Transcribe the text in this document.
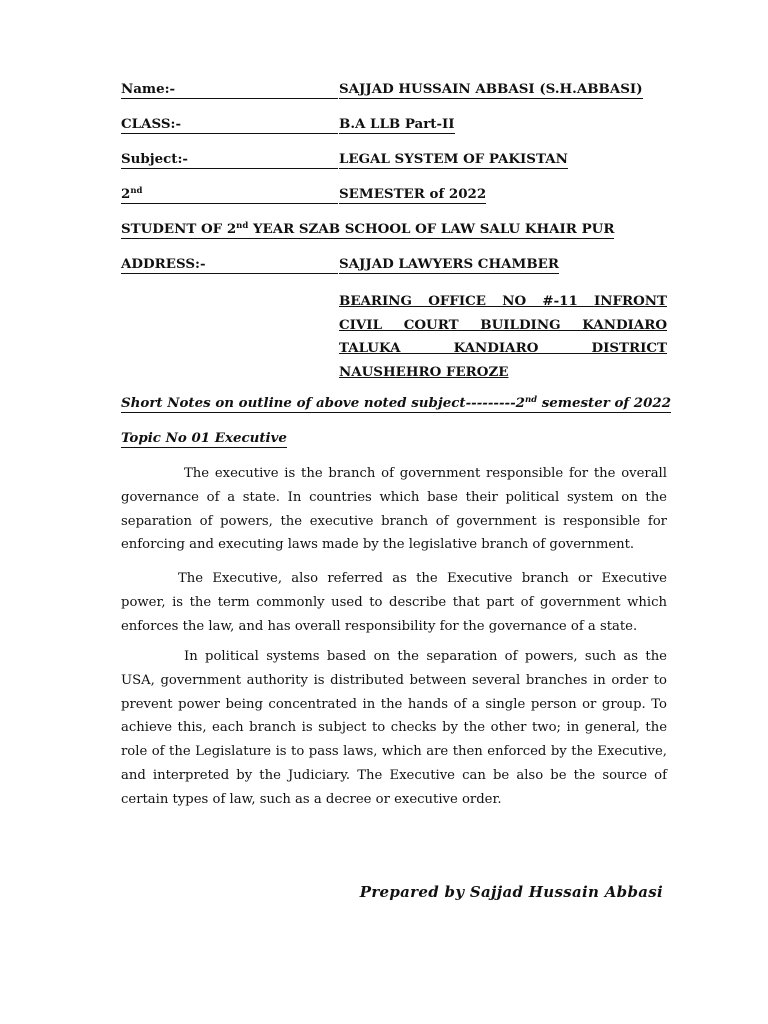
Name:-	SAJJAD HUSSAIN ABBASI (S.H.ABBASI)
CLASS:-	B.A LLB Part-II
Subject:-	LEGAL SYSTEM OF PAKISTAN
2nd	SEMESTER of 2022
STUDENT OF 2nd YEAR SZAB SCHOOL OF LAW SALU KHAIR PUR
ADDRESS:-	SAJJAD LAWYERS CHAMBER
BEARING OFFICE NO #-11 INFRONT CIVIL COURT BUILDING KANDIARO TALUKA KANDIARO DISTRICT NAUSHEHRO FEROZE
Short Notes on outline of above noted subject---------2nd semester of 2022
Topic No 01 Executive
The executive is the branch of government responsible for the overall governance of a state. In countries which base their political system on the separation of powers, the executive branch of government is responsible for enforcing and executing laws made by the legislative branch of government.
The Executive, also referred as the Executive branch or Executive power, is the term commonly used to describe that part of government which enforces the law, and has overall responsibility for the governance of a state.
In political systems based on the separation of powers, such as the USA, government authority is distributed between several branches in order to prevent power being concentrated in the hands of a single person or group. To achieve this, each branch is subject to checks by the other two; in general, the role of the Legislature is to pass laws, which are then enforced by the Executive, and interpreted by the Judiciary. The Executive can be also be the source of certain types of law, such as a decree or executive order.
Prepared by Sajjad Hussain Abbasi
